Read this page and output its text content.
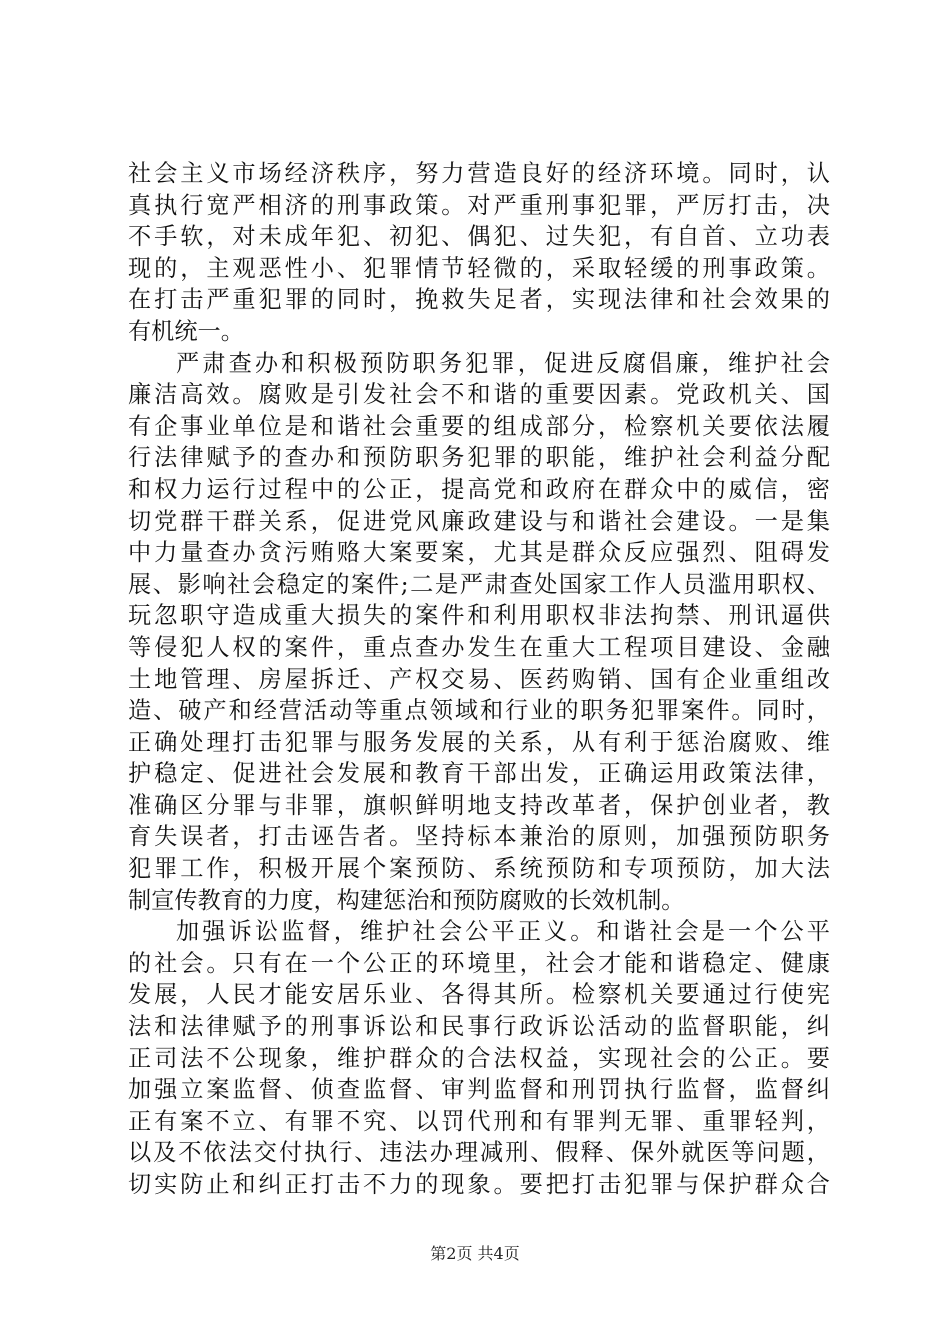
社会主义市场经济秩序，努力营造良好的经济环境。同时，认
真执行宽严相济的刑事政策。对严重刑事犯罪，严厉打击，决
不手软，对未成年犯、初犯、偶犯、过失犯，有自首、立功表
现的，主观恶性小、犯罪情节轻微的，采取轻缓的刑事政策。
在打击严重犯罪的同时，挽救失足者，实现法律和社会效果的
有机统一。
严肃查办和积极预防职务犯罪，促进反腐倡廉，维护社会
廉洁高效。腐败是引发社会不和谐的重要因素。党政机关、国
有企事业单位是和谐社会重要的组成部分，检察机关要依法履
行法律赋予的查办和预防职务犯罪的职能，维护社会利益分配
和权力运行过程中的公正，提高党和政府在群众中的威信，密
切党群干群关系，促进党风廉政建设与和谐社会建设。一是集
中力量查办贪污贿赂大案要案，尤其是群众反应强烈、阻碍发
展、影响社会稳定的案件;二是严肃查处国家工作人员滥用职权、
玩忽职守造成重大损失的案件和利用职权非法拘禁、刑讯逼供
等侵犯人权的案件，重点查办发生在重大工程项目建设、金融
土地管理、房屋拆迁、产权交易、医药购销、国有企业重组改
造、破产和经营活动等重点领域和行业的职务犯罪案件。同时，
正确处理打击犯罪与服务发展的关系，从有利于惩治腐败、维
护稳定、促进社会发展和教育干部出发，正确运用政策法律，
准确区分罪与非罪，旗帜鲜明地支持改革者，保护创业者，教
育失误者，打击诬告者。坚持标本兼治的原则，加强预防职务
犯罪工作，积极开展个案预防、系统预防和专项预防，加大法
制宣传教育的力度，构建惩治和预防腐败的长效机制。
加强诉讼监督，维护社会公平正义。和谐社会是一个公平
的社会。只有在一个公正的环境里，社会才能和谐稳定、健康
发展，人民才能安居乐业、各得其所。检察机关要通过行使宪
法和法律赋予的刑事诉讼和民事行政诉讼活动的监督职能，纠
正司法不公现象，维护群众的合法权益，实现社会的公正。要
加强立案监督、侦查监督、审判监督和刑罚执行监督，监督纠
正有案不立、有罪不究、以罚代刑和有罪判无罪、重罪轻判，
以及不依法交付执行、违法办理减刑、假释、保外就医等问题，
切实防止和纠正打击不力的现象。要把打击犯罪与保护群众合
第2页 共4页
